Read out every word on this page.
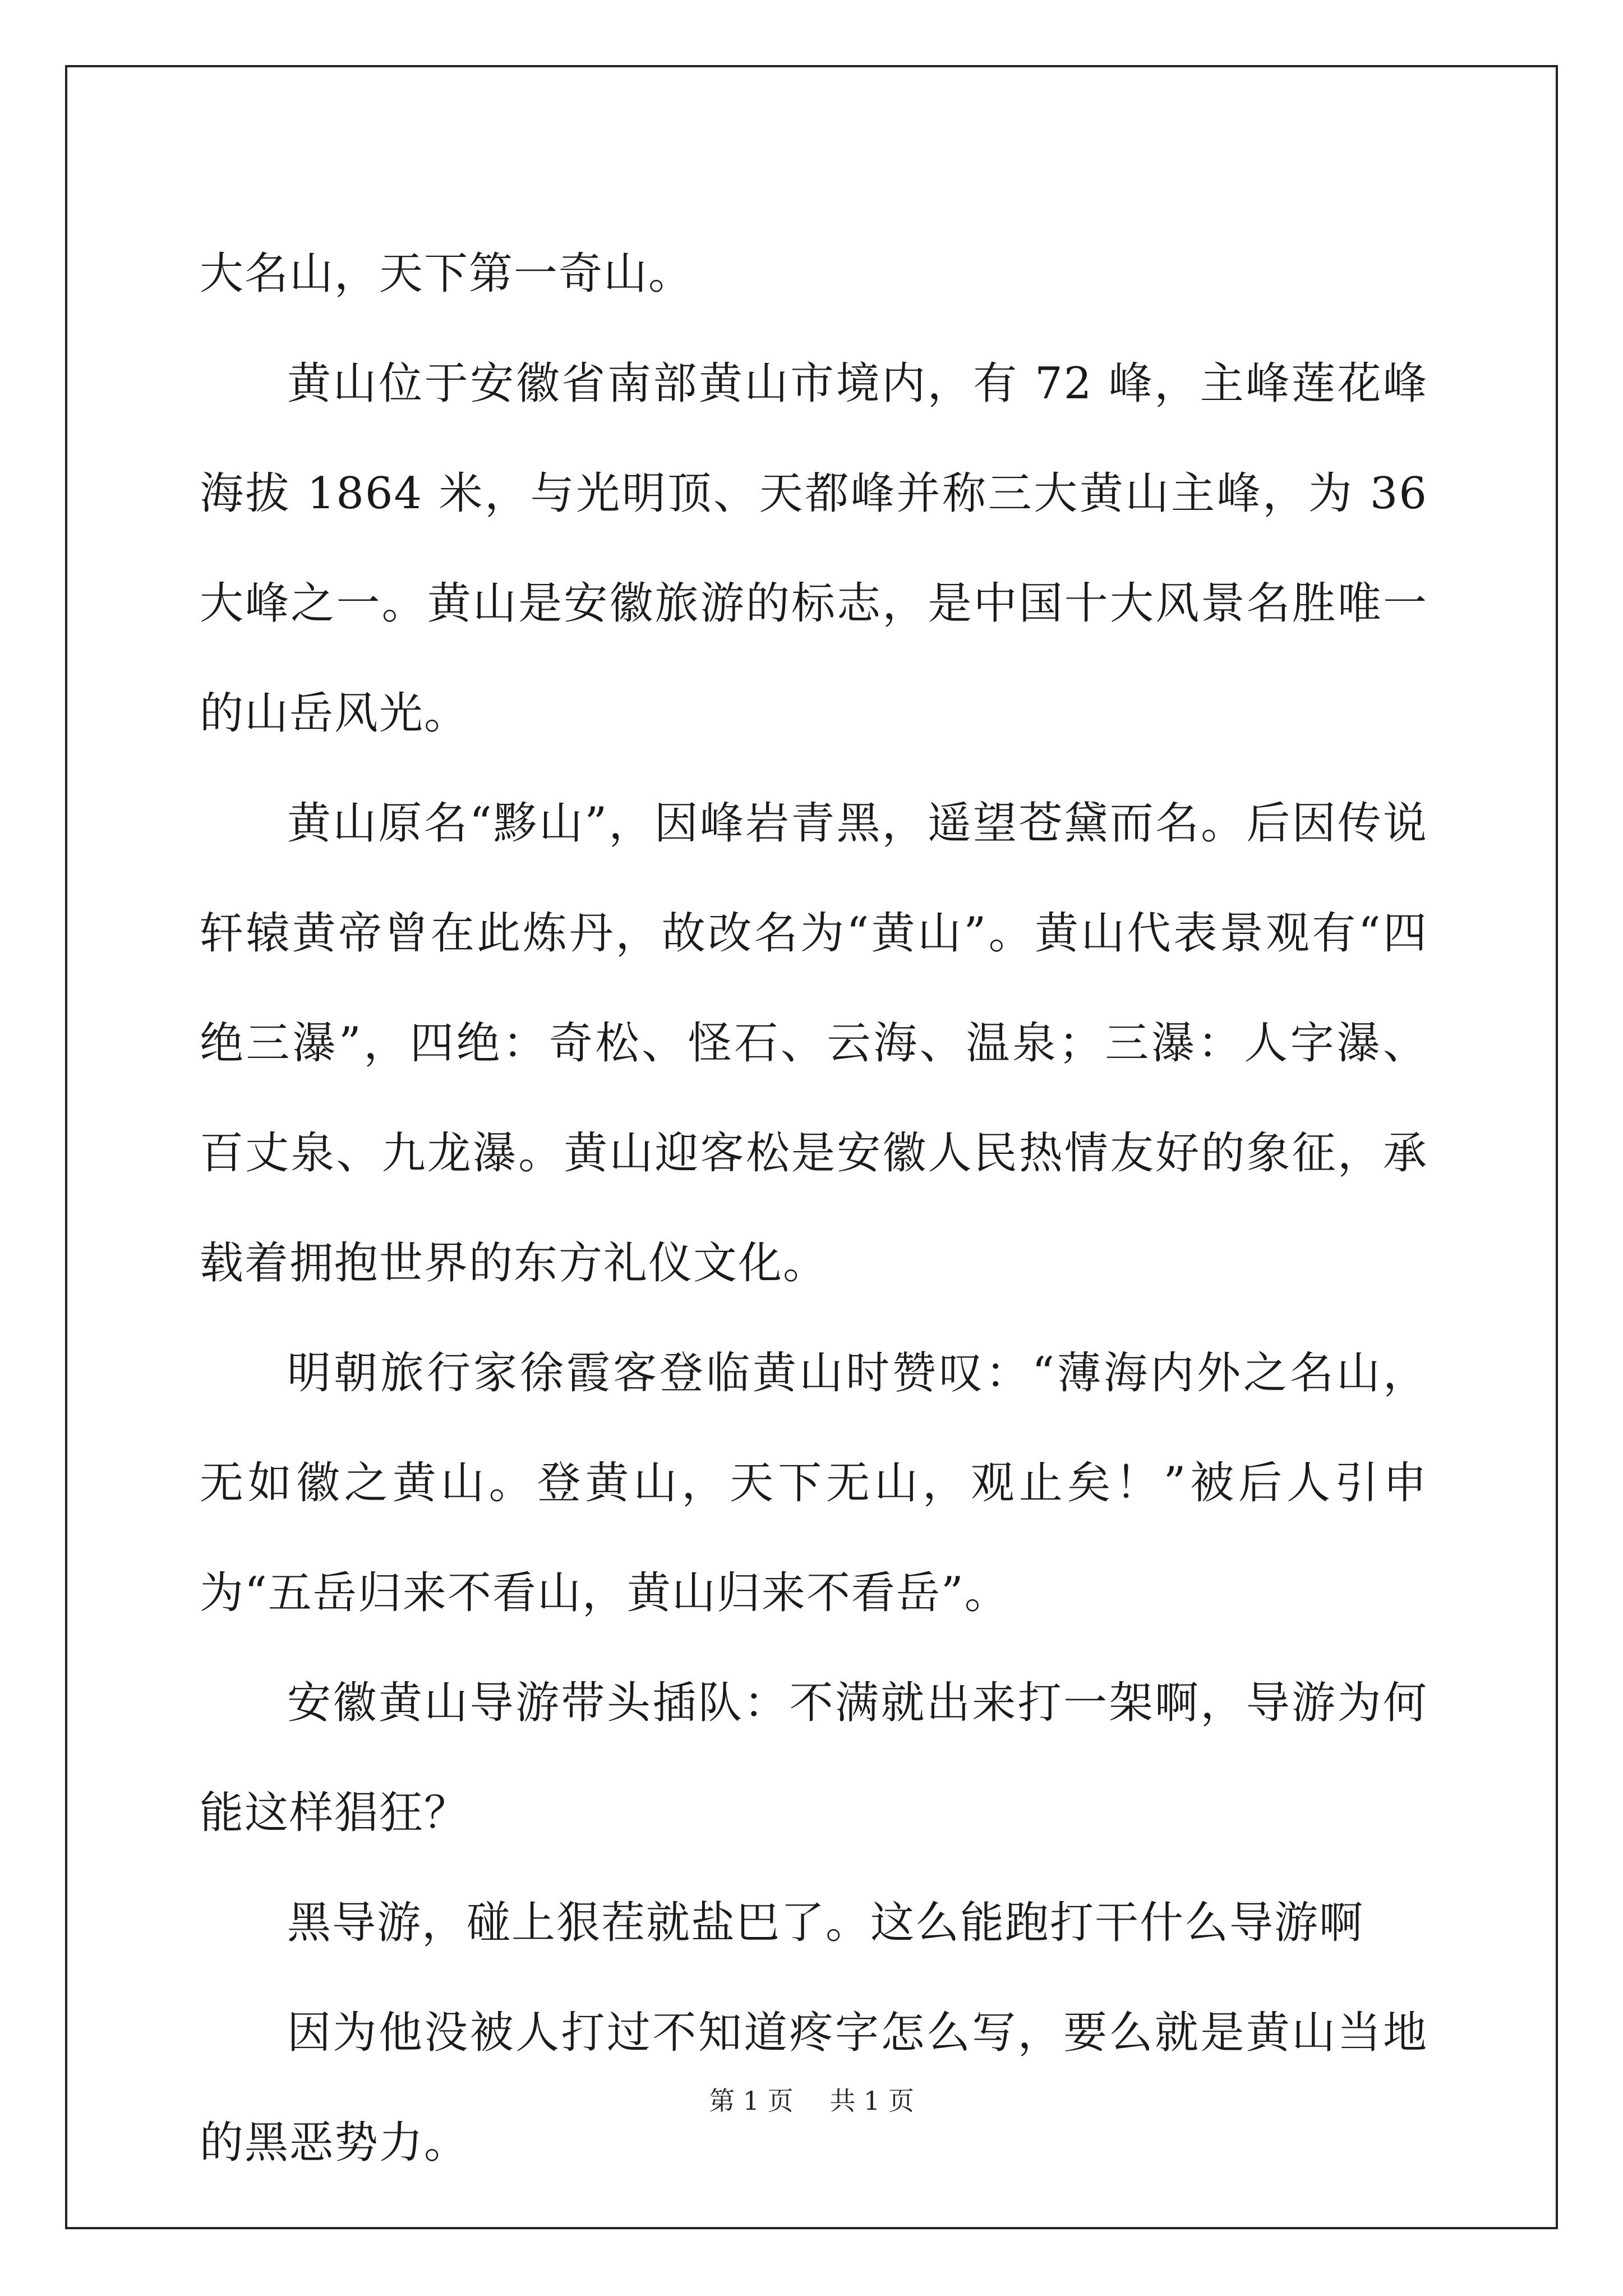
大名山，天下第一奇山。

黄山位于安徽省南部黄山市境内，有 72 峰，主峰莲花峰海拔 1864 米，与光明顶、天都峰并称三大黄山主峰，为 36 大峰之一。黄山是安徽旅游的标志，是中国十大风景名胜唯一的山岳风光。

黄山原名“黟山”，因峰岩青黑，遥望苍黛而名。后因传说轩辕黄帝曾在此炼丹，故改名为“黄山”。黄山代表景观有“四绝三瀑”，四绝：奇松、怪石、云海、温泉；三瀑：人字瀑、百丈泉、九龙瀑。黄山迎客松是安徽人民热情友好的象征，承载着拥抱世界的东方礼仪文化。

明朝旅行家徐霞客登临黄山时赞叹：“薄海内外之名山，无如徽之黄山。登黄山，天下无山，观止矣！”被后人引申为“五岳归来不看山，黄山归来不看岳”。

安徽黄山导游带头插队：不满就出来打一架啊，导游为何能这样猖狂？

黑导游，碰上狠茬就盐巴了。这么能跑打干什么导游啊

因为他没被人打过不知道疼字怎么写，要么就是黄山当地的黑恶势力。

第 1 页 共 1 页
